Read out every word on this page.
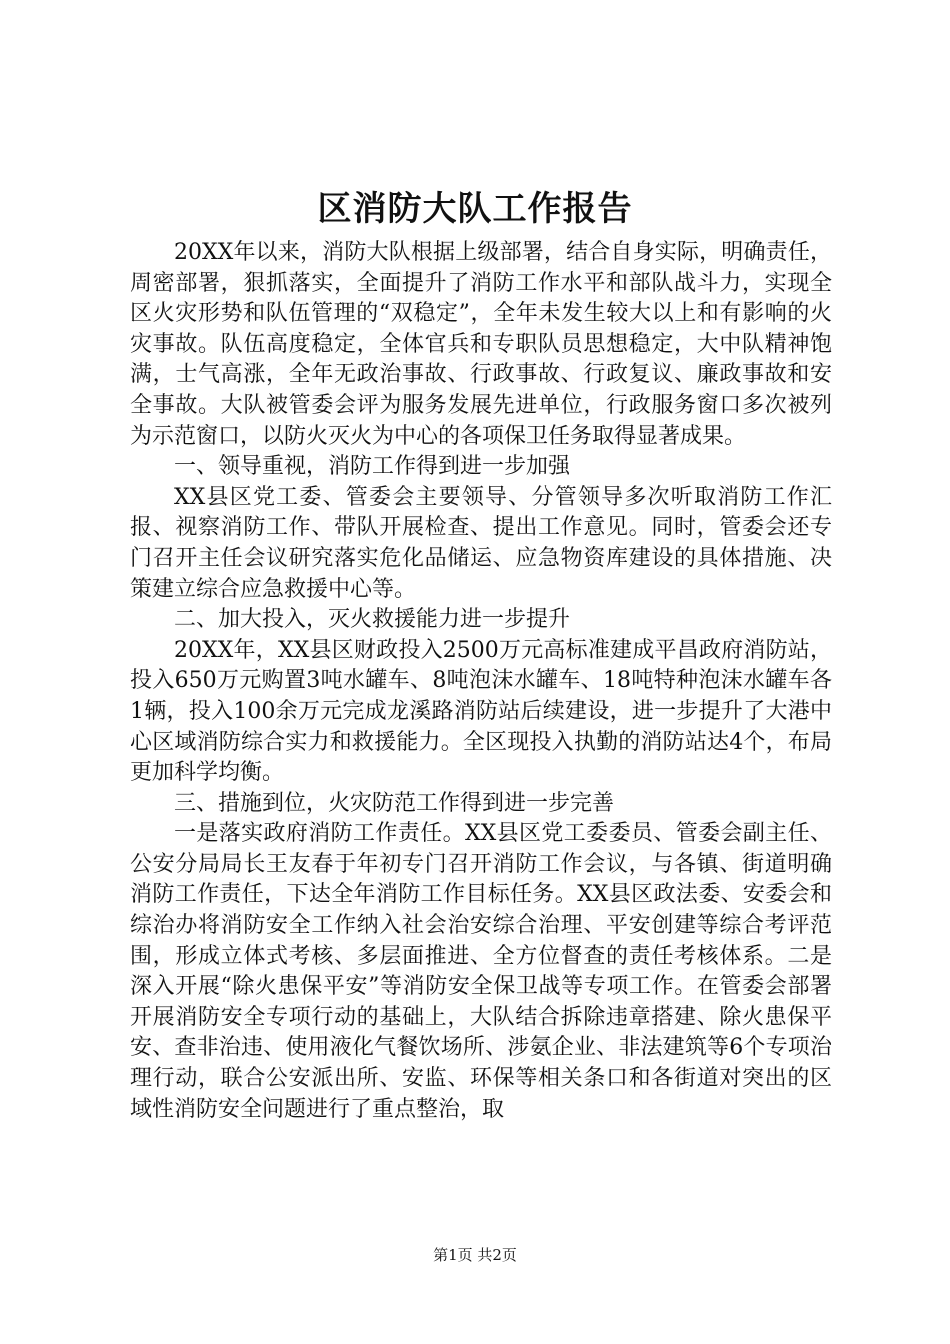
区消防大队工作报告

20XX年以来，消防大队根据上级部署，结合自身实际，明确责任，周密部署，狠抓落实，全面提升了消防工作水平和部队战斗力，实现全区火灾形势和队伍管理的“双稳定”，全年未发生较大以上和有影响的火灾事故。队伍高度稳定，全体官兵和专职队员思想稳定，大中队精神饱满，士气高涨，全年无政治事故、行政事故、行政复议、廉政事故和安全事故。大队被管委会评为服务发展先进单位，行政服务窗口多次被列为示范窗口，以防火灭火为中心的各项保卫任务取得显著成果。

一、领导重视，消防工作得到进一步加强

XX县区党工委、管委会主要领导、分管领导多次听取消防工作汇报、视察消防工作、带队开展检查、提出工作意见。同时，管委会还专门召开主任会议研究落实危化品储运、应急物资库建设的具体措施、决策建立综合应急救援中心等。

二、加大投入，灭火救援能力进一步提升

20XX年，XX县区财政投入2500万元高标准建成平昌政府消防站，投入650万元购置3吨水罐车、8吨泡沫水罐车、18吨特种泡沫水罐车各1辆，投入100余万元完成龙溪路消防站后续建设，进一步提升了大港中心区域消防综合实力和救援能力。全区现投入执勤的消防站达4个，布局更加科学均衡。

三、措施到位，火灾防范工作得到进一步完善

一是落实政府消防工作责任。XX县区党工委委员、管委会副主任、公安分局局长王友春于年初专门召开消防工作会议，与各镇、街道明确消防工作责任，下达全年消防工作目标任务。XX县区政法委、安委会和综治办将消防安全工作纳入社会治安综合治理、平安创建等综合考评范围，形成立体式考核、多层面推进、全方位督查的责任考核体系。二是深入开展“除火患保平安”等消防安全保卫战等专项工作。在管委会部署开展消防安全专项行动的基础上，大队结合拆除违章搭建、除火患保平安、查非治违、使用液化气餐饮场所、涉氨企业、非法建筑等6个专项治理行动，联合公安派出所、安监、环保等相关条口和各街道对突出的区域性消防安全问题进行了重点整治，取

第1页 共2页
